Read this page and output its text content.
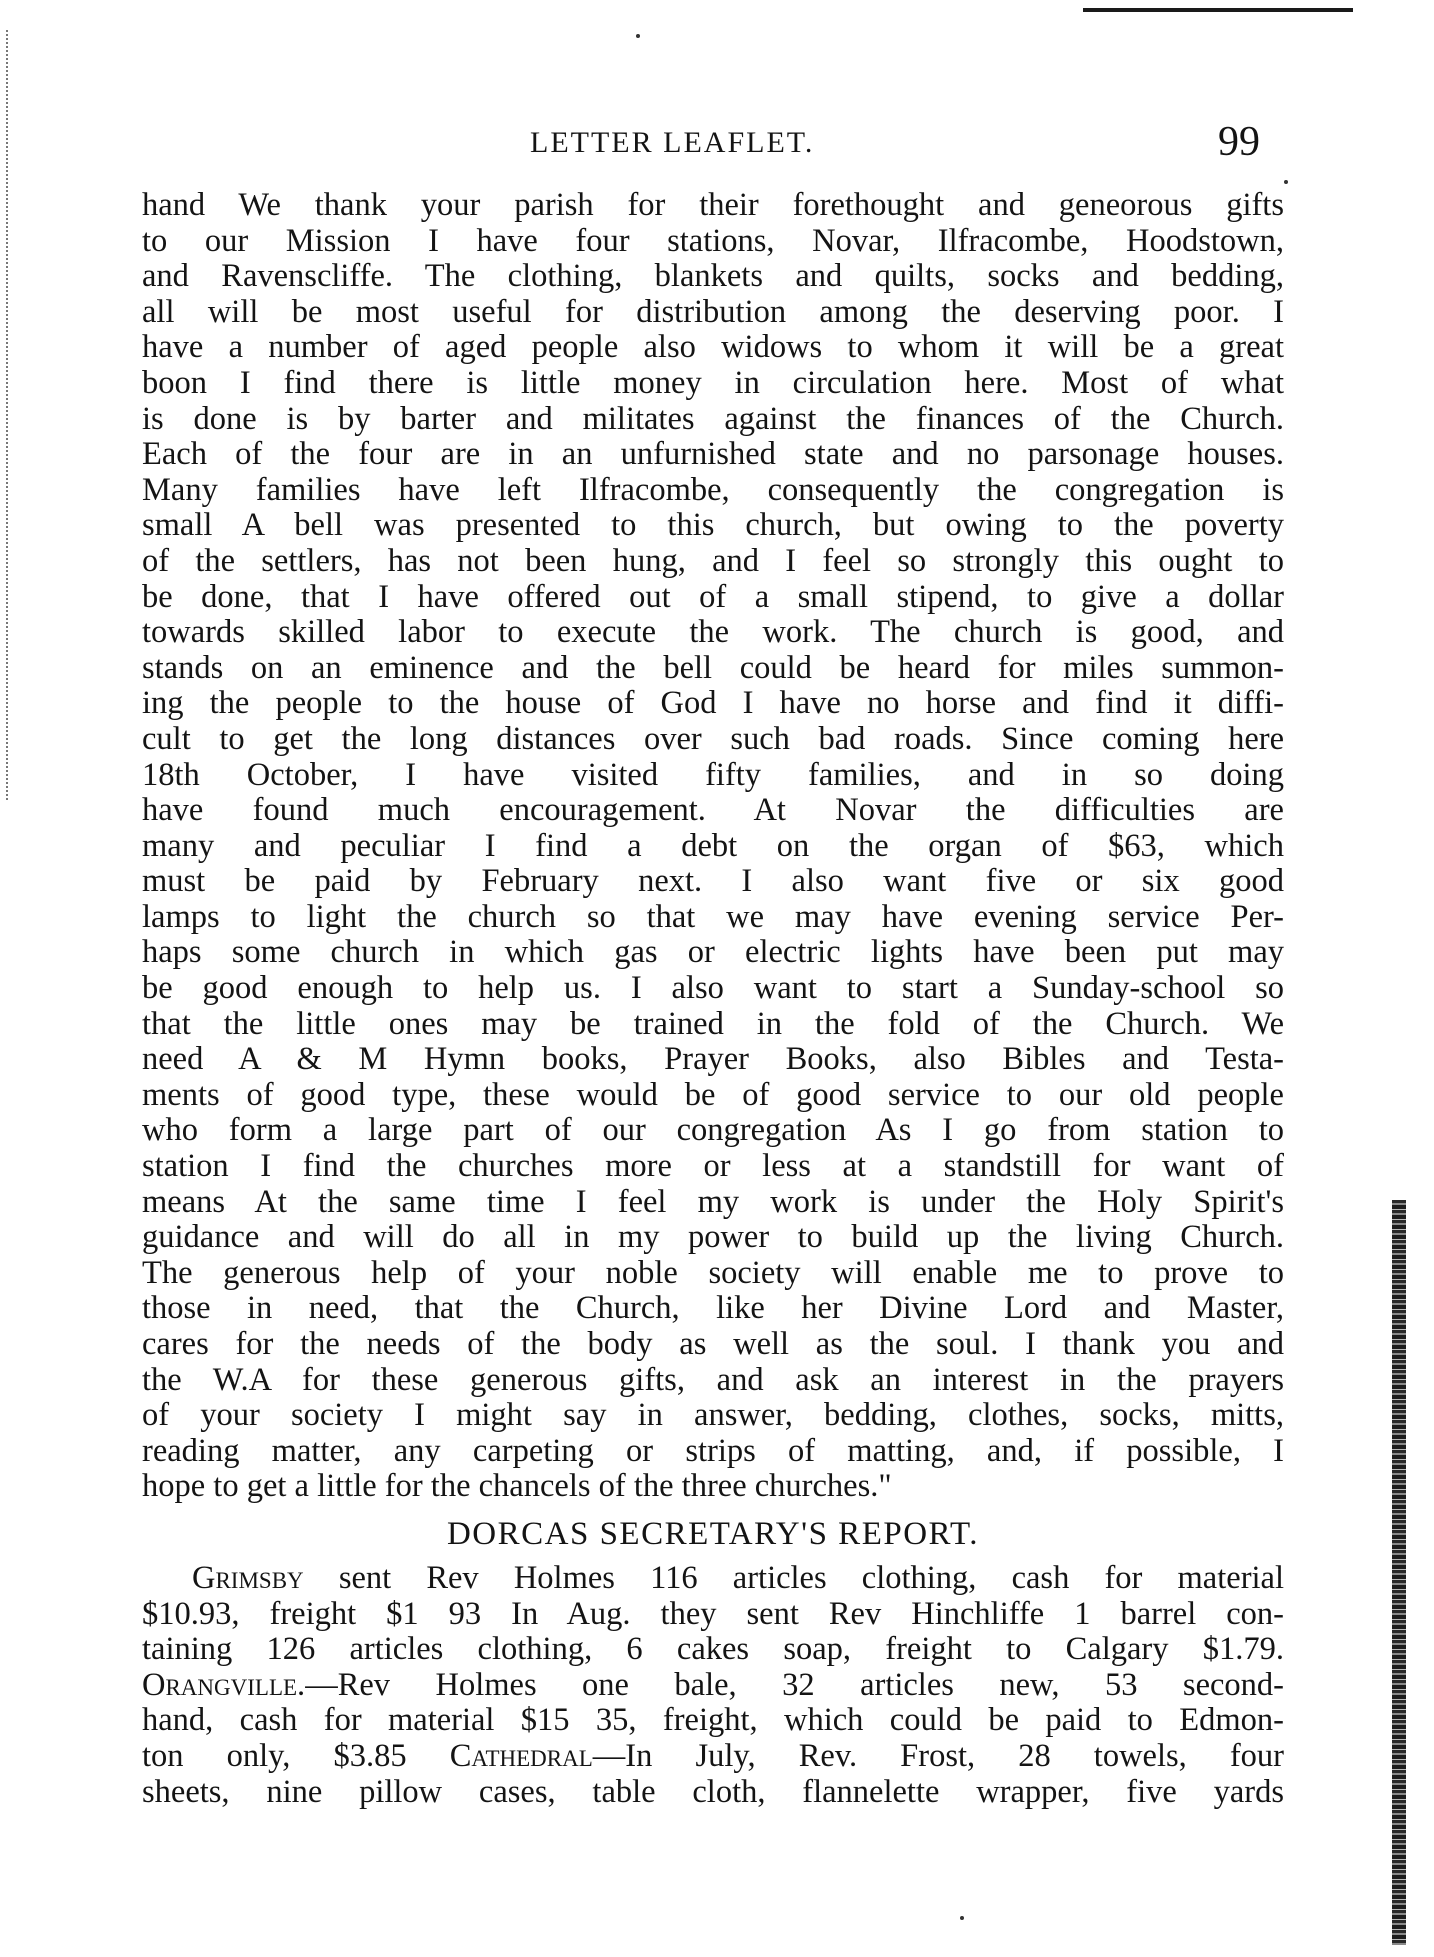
LETTER LEAFLET.	99
hand We thank your parish for their forethought and geneorous gifts
to our Mission I have four stations, Novar, Ilfracombe, Hoodstown,
and Ravenscliffe. The clothing, blankets and quilts, socks and bedding,
all will be most useful for distribution among the deserving poor. I
have a number of aged people also widows to whom it will be a great
boon I find there is little money in circulation here. Most of what
is done is by barter and militates against the finances of the Church.
Each of the four are in an unfurnished state and no parsonage houses.
Many families have left Ilfracombe, consequently the congregation is
small A bell was presented to this church, but owing to the poverty
of the settlers, has not been hung, and I feel so strongly this ought to
be done, that I have offered out of a small stipend, to give a dollar
towards skilled labor to execute the work. The church is good, and
stands on an eminence and the bell could be heard for miles summon-
ing the people to the house of God I have no horse and find it diffi-
cult to get the long distances over such bad roads. Since coming here
18th October, I have visited fifty families, and in so doing
have found much encouragement. At Novar the difficulties are
many and peculiar I find a debt on the organ of $63, which
must be paid by February next. I also want five or six good
lamps to light the church so that we may have evening service Per-
haps some church in which gas or electric lights have been put may
be good enough to help us. I also want to start a Sunday-school so
that the little ones may be trained in the fold of the Church. We
need A & M Hymn books, Prayer Books, also Bibles and Testa-
ments of good type, these would be of good service to our old people
who form a large part of our congregation As I go from station to
station I find the churches more or less at a standstill for want of
means At the same time I feel my work is under the Holy Spirit's
guidance and will do all in my power to build up the living Church.
The generous help of your noble society will enable me to prove to
those in need, that the Church, like her Divine Lord and Master,
cares for the needs of the body as well as the soul. I thank you and
the W.A for these generous gifts, and ask an interest in the prayers
of your society I might say in answer, bedding, clothes, socks, mitts,
reading matter, any carpeting or strips of matting, and, if possible, I
hope to get a little for the chancels of the three churches."
DORCAS SECRETARY'S REPORT.
Grimsby sent Rev Holmes 116 articles clothing, cash for material
$10.93, freight $1 93 In Aug. they sent Rev Hinchliffe 1 barrel con-
taining 126 articles clothing, 6 cakes soap, freight to Calgary $1.79.
Orangville.—Rev Holmes one bale, 32 articles new, 53 second-
hand, cash for material $15 35, freight, which could be paid to Edmon-
ton only, $3.85 Cathedral—In July, Rev. Frost, 28 towels, four
sheets, nine pillow cases, table cloth, flannelette wrapper, five yards
